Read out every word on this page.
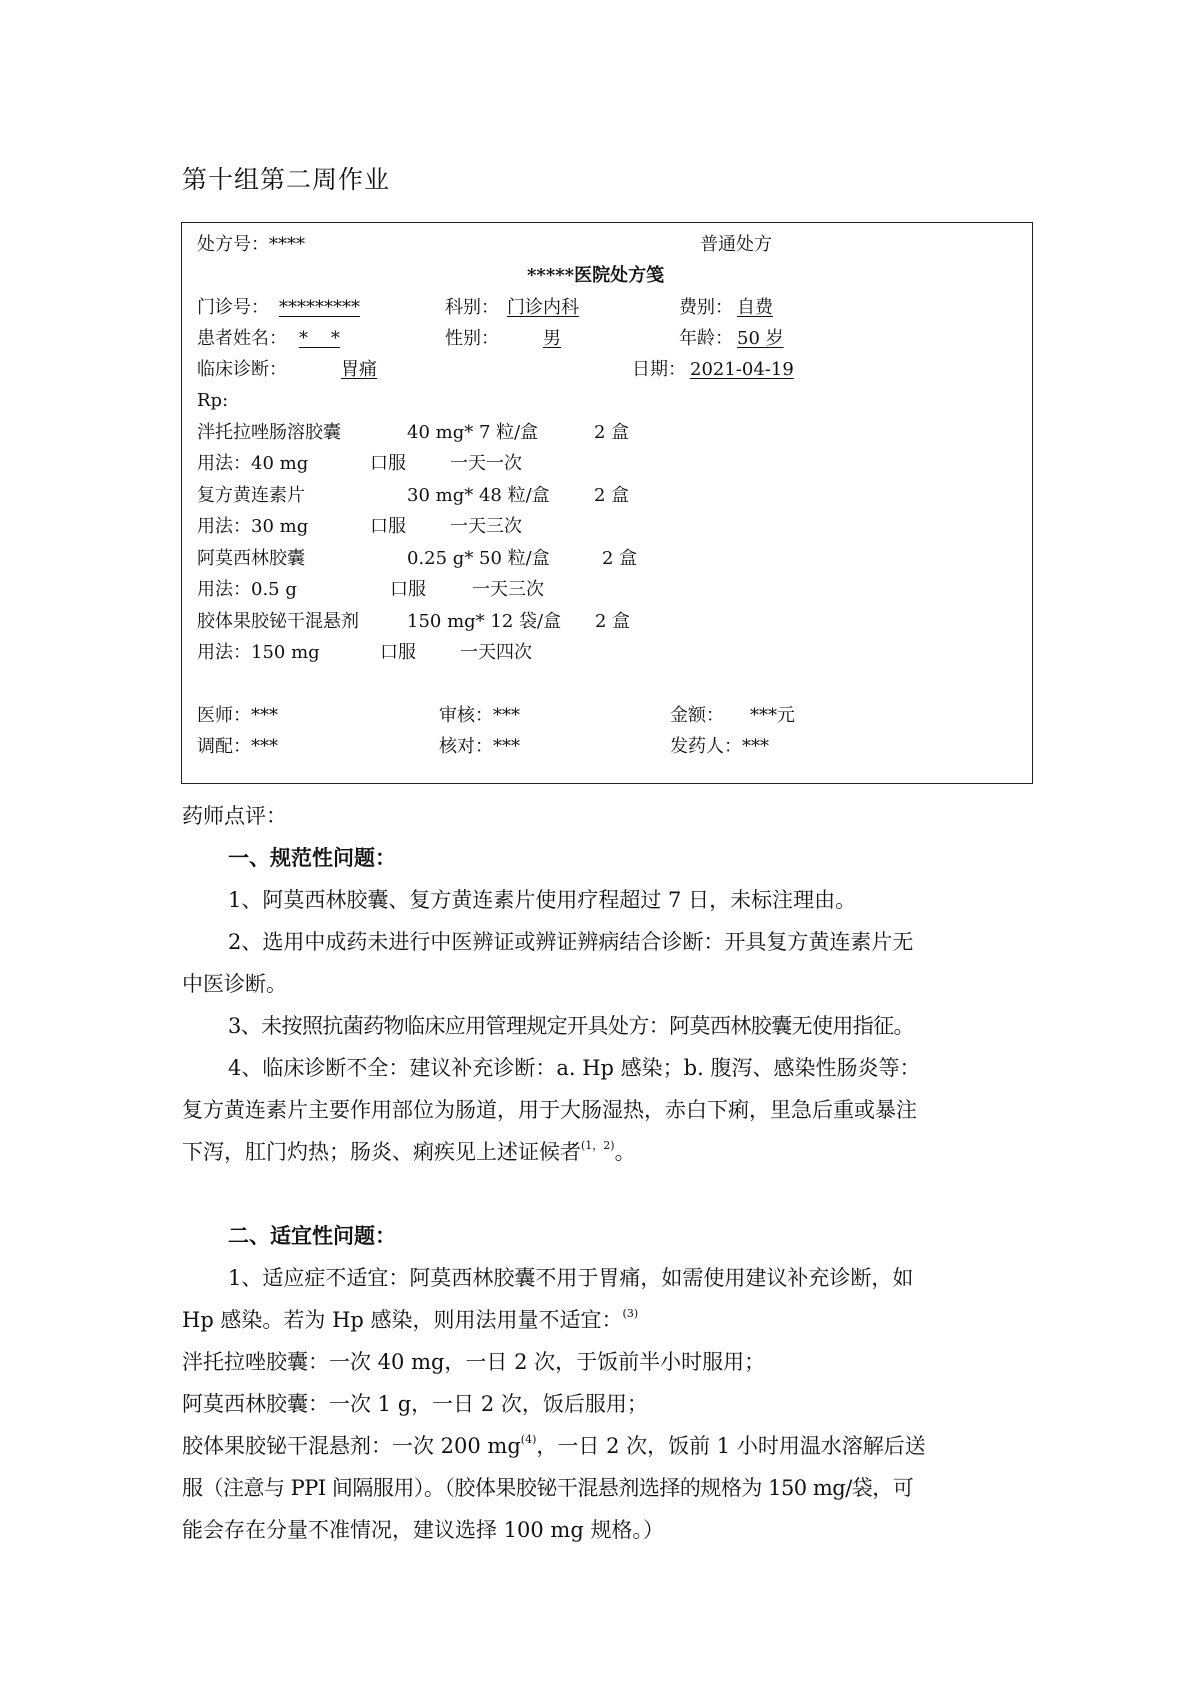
第十组第二周作业
处方号：****	普通处方
*****医院处方笺
门诊号： *********	科别： 门诊内科	费别： 自费
患者姓名： *    *	性别：	男	年龄： 50 岁
临床诊断：	胃痛	日期： 2021-04-19
Rp:
泮托拉唑肠溶胶囊	40 mg* 7 粒/盒	2 盒
用法：40 mg	口服 一天一次
复方黄连素片	30 mg* 48 粒/盒 2 盒
用法：30 mg	口服 一天三次
阿莫西林胶囊	0.25 g* 50 粒/盒	2 盒
用法：0.5 g	口服	一天三次
胶体果胶铋干混悬剂	150 mg* 12 袋/盒 2 盒
用法：150 mg	口服 一天四次
医师：***	审核：***	金额： ***元
调配：***	核对：***	发药人：***
药师点评：
一、规范性问题：
1、阿莫西林胶囊、复方黄连素片使用疗程超过 7 日，未标注理由。
2、选用中成药未进行中医辨证或辨证辨病结合诊断：开具复方黄连素片无
中医诊断。
3、未按照抗菌药物临床应用管理规定开具处方：阿莫西林胶囊无使用指征。
4、临床诊断不全：建议补充诊断：a. Hp 感染；b. 腹泻、感染性肠炎等：
复方黄连素片主要作用部位为肠道，用于大肠湿热，赤白下痢，里急后重或暴注
下泻，肛门灼热；肠炎、痢疾见上述证候者$^{(1,2)}$。
二、适宜性问题：
1、适应症不适宜：阿莫西林胶囊不用于胃痛，如需使用建议补充诊断，如
Hp 感染。若为 Hp 感染，则用法用量不适宜：$^{(3)}$
泮托拉唑胶囊：一次 40 mg，一日 2 次，于饭前半小时服用；
阿莫西林胶囊：一次 1 g，一日 2 次，饭后服用；
胶体果胶铋干混悬剂：一次 200 $mg^{(4)}$，一日 2 次，饭前 1 小时用温水溶解后送
服（注意与 PPI 间隔服用）。（胶体果胶铋干混悬剂选择的规格为 150 mg/袋，可
能会存在分量不准情况，建议选择 100 mg 规格。）
